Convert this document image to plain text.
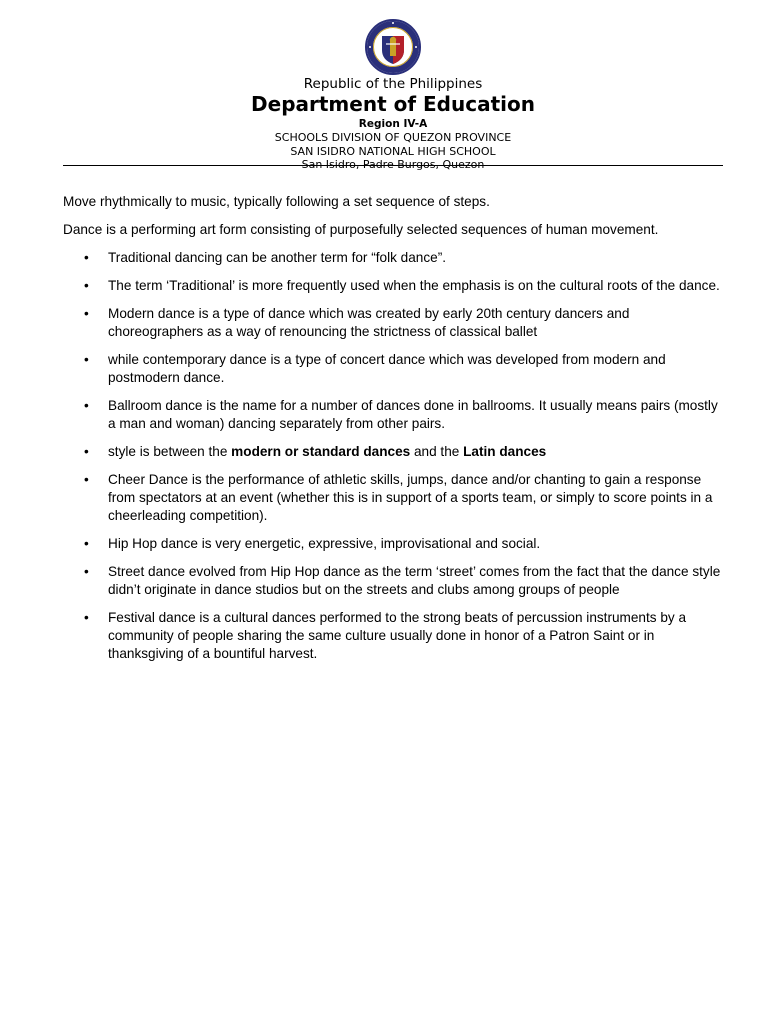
Republic of the Philippines
Department of Education
Region IV-A
SCHOOLS DIVISION OF QUEZON PROVINCE
SAN ISIDRO NATIONAL HIGH SCHOOL
San Isidro, Padre Burgos, Quezon

Move rhythmically to music, typically following a set sequence of steps.

Dance is a performing art form consisting of purposefully selected sequences of human movement.

• Traditional dancing can be another term for “folk dance”.
• The term ‘Traditional’ is more frequently used when the emphasis is on the cultural roots of the dance.
• Modern dance is a type of dance which was created by early 20th century dancers and choreographers as a way of renouncing the strictness of classical ballet
• while contemporary dance is a type of concert dance which was developed from modern and postmodern dance.
• Ballroom dance is the name for a number of dances done in ballrooms. It usually means pairs (mostly a man and woman) dancing separately from other pairs.
• style is between the modern or standard dances and the Latin dances
• Cheer Dance is the performance of athletic skills, jumps, dance and/or chanting to gain a response from spectators at an event (whether this is in support of a sports team, or simply to score points in a cheerleading competition).
• Hip Hop dance is very energetic, expressive, improvisational and social.
• Street dance evolved from Hip Hop dance as the term ‘street’ comes from the fact that the dance style didn’t originate in dance studios but on the streets and clubs among groups of people
• Festival dance is a cultural dances performed to the strong beats of percussion instruments by a community of people sharing the same culture usually done in honor of a Patron Saint or in thanksgiving of a bountiful harvest.
